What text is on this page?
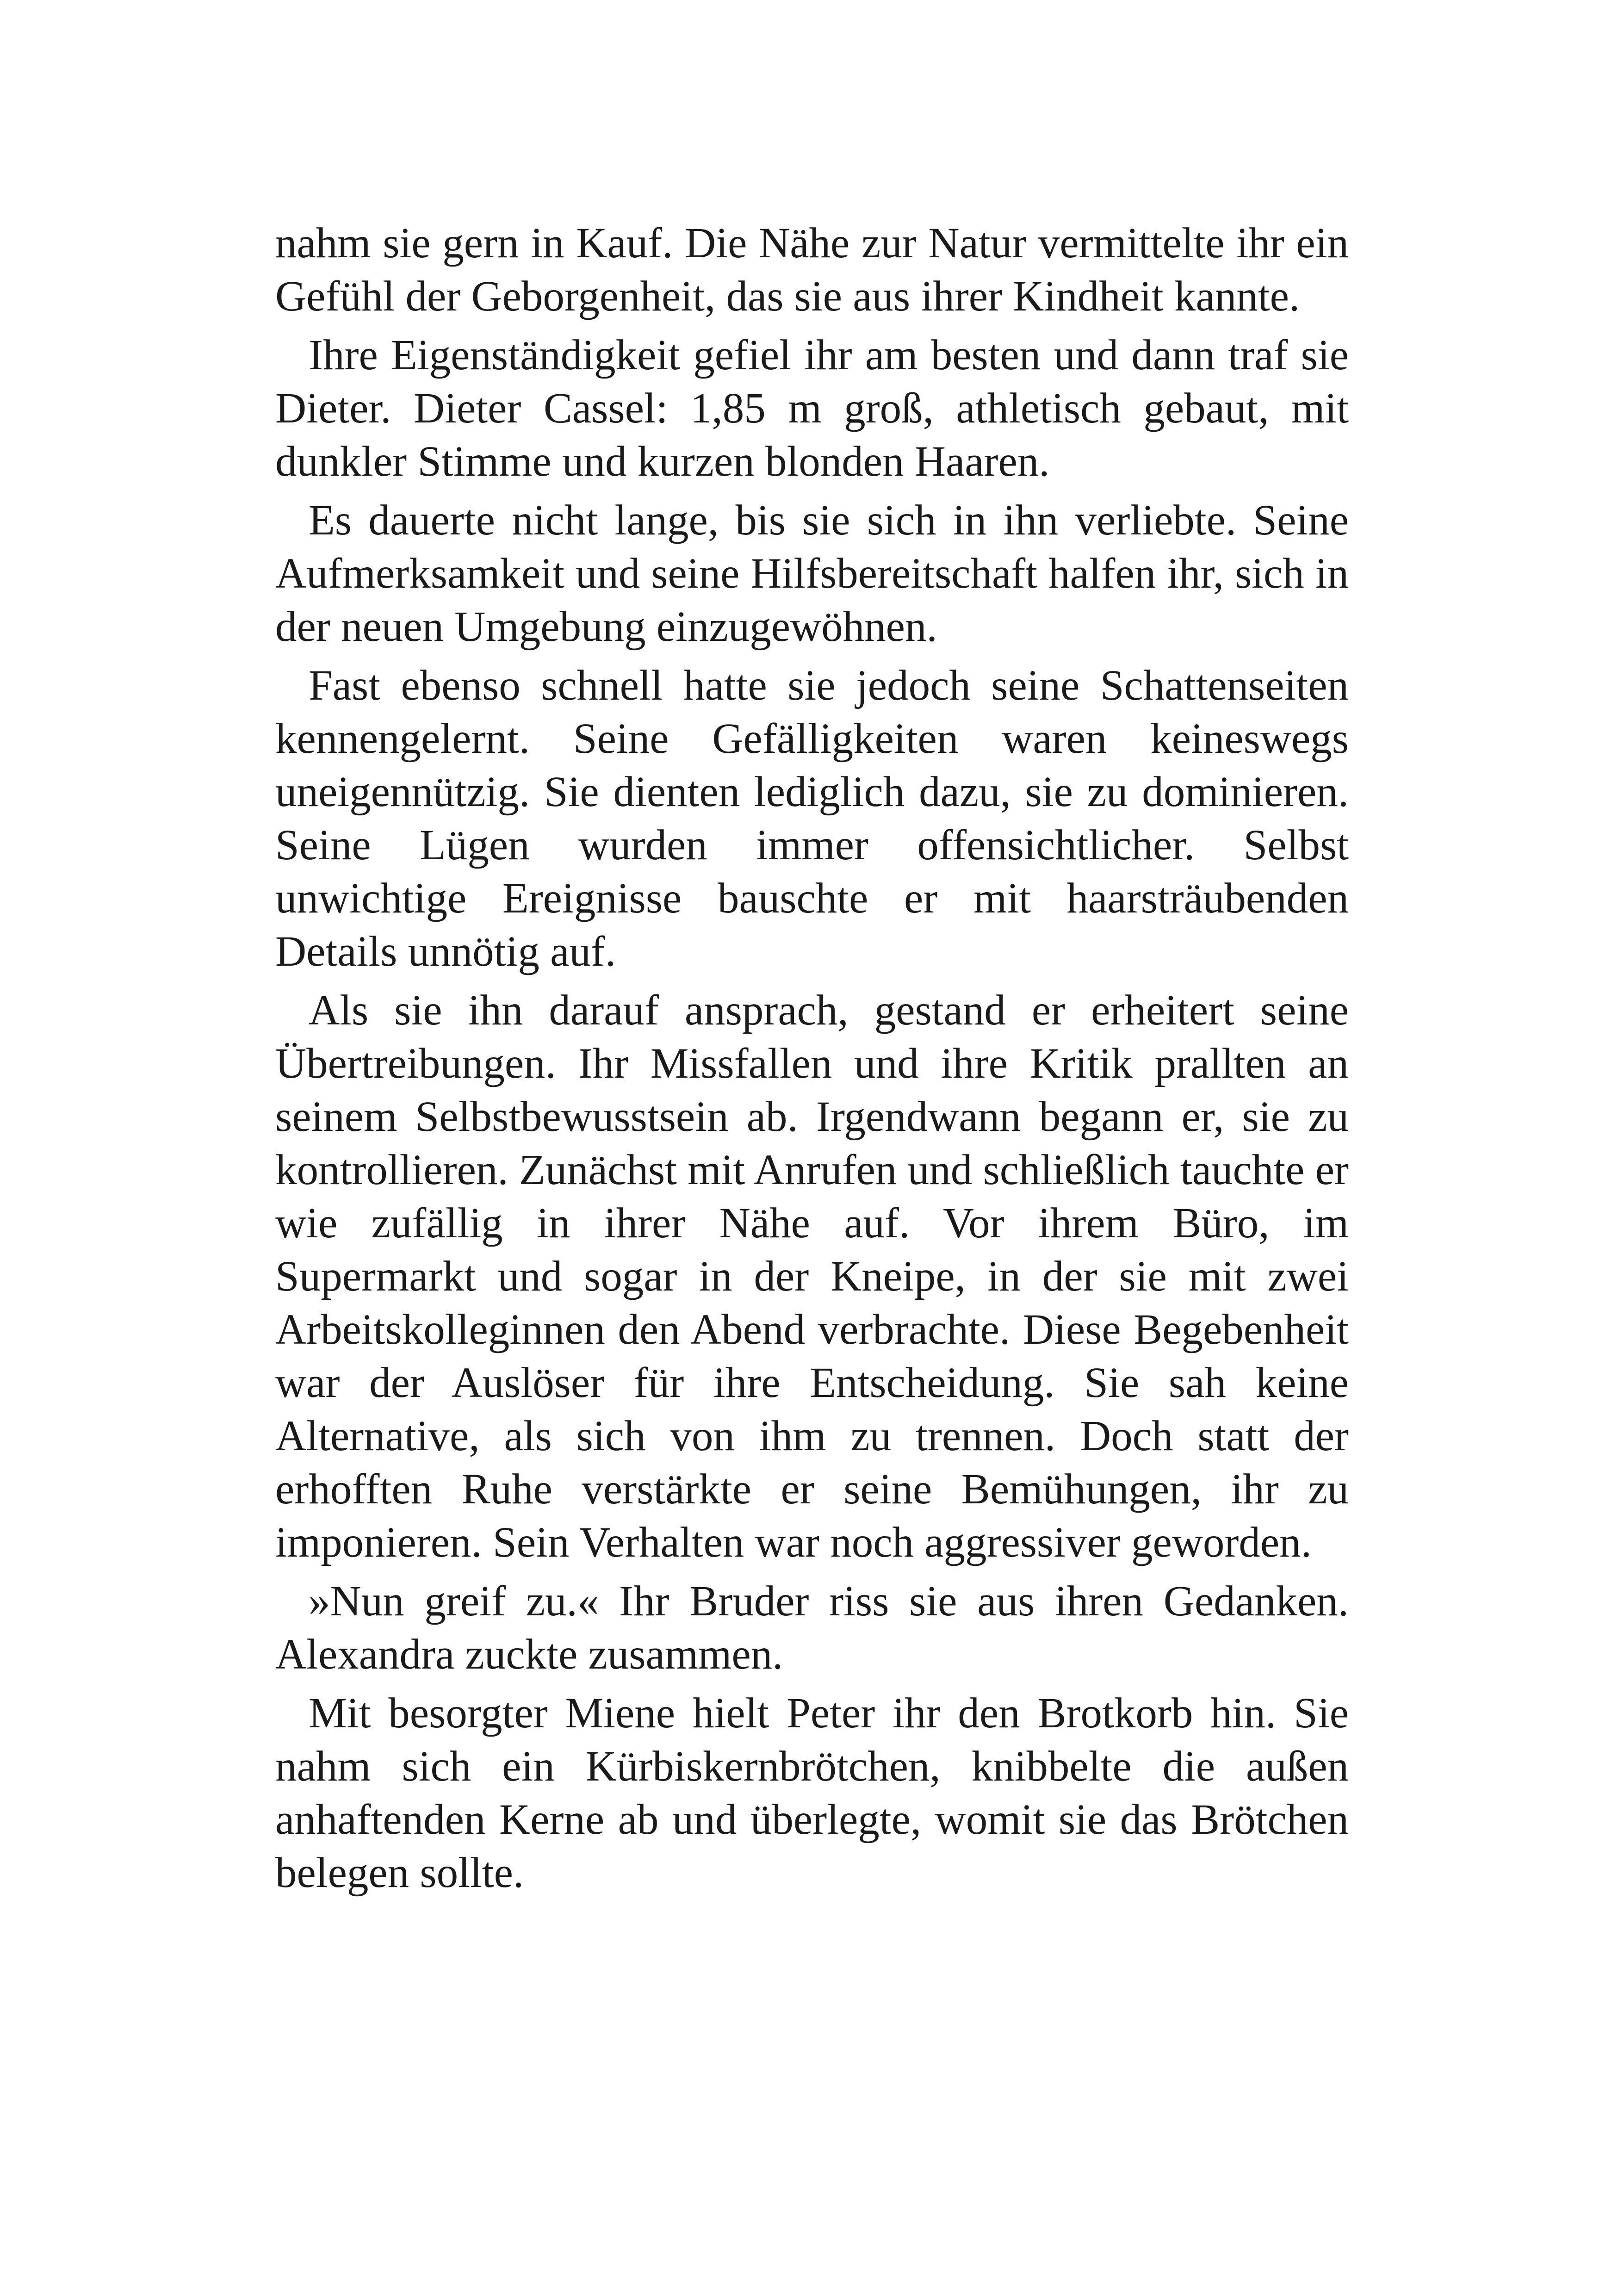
nahm sie gern in Kauf. Die Nähe zur Natur vermittelte ihr ein Gefühl der Geborgenheit, das sie aus ihrer Kindheit kannte.

Ihre Eigenständigkeit gefiel ihr am besten und dann traf sie Dieter. Dieter Cassel: 1,85 m groß, athletisch gebaut, mit dunkler Stimme und kurzen blonden Haaren.

Es dauerte nicht lange, bis sie sich in ihn verliebte. Seine Aufmerksamkeit und seine Hilfsbereitschaft halfen ihr, sich in der neuen Umgebung einzugewöhnen.

Fast ebenso schnell hatte sie jedoch seine Schattenseiten kennengelernt. Seine Gefälligkeiten waren keineswegs uneigennützig. Sie dienten lediglich dazu, sie zu dominieren. Seine Lügen wurden immer offensichtlicher. Selbst unwichtige Ereignisse bauschte er mit haarsträubenden Details unnötig auf.

Als sie ihn darauf ansprach, gestand er erheitert seine Übertreibungen. Ihr Missfallen und ihre Kritik prallten an seinem Selbstbewusstsein ab. Irgendwann begann er, sie zu kontrollieren. Zunächst mit Anrufen und schließlich tauchte er wie zufällig in ihrer Nähe auf. Vor ihrem Büro, im Supermarkt und sogar in der Kneipe, in der sie mit zwei Arbeitskolleginnen den Abend verbrachte. Diese Begebenheit war der Auslöser für ihre Entscheidung. Sie sah keine Alternative, als sich von ihm zu trennen. Doch statt der erhofften Ruhe verstärkte er seine Bemühungen, ihr zu imponieren. Sein Verhalten war noch aggressiver geworden.

»Nun greif zu.« Ihr Bruder riss sie aus ihren Gedanken. Alexandra zuckte zusammen.

Mit besorgter Miene hielt Peter ihr den Brotkorb hin. Sie nahm sich ein Kürbiskernbrötchen, knibbelte die außen anhaftenden Kerne ab und überlegte, womit sie das Brötchen belegen sollte.
